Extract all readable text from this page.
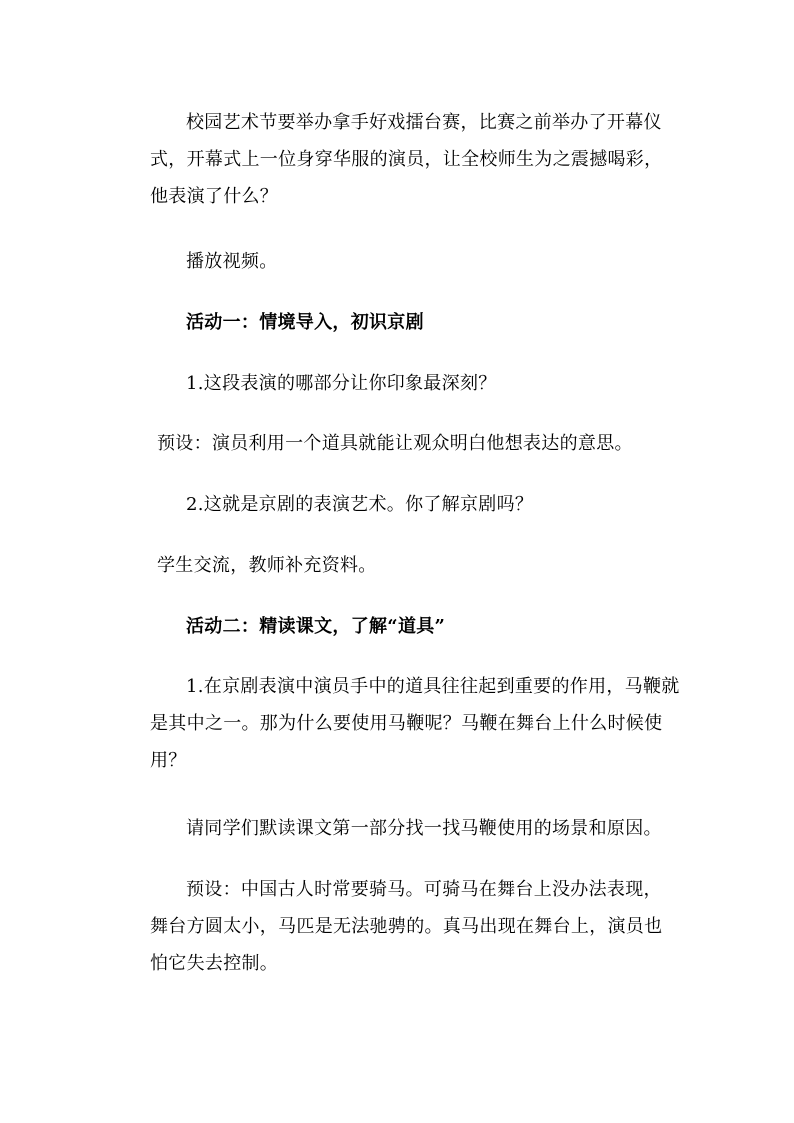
校园艺术节要举办拿手好戏擂台赛，比赛之前举办了开幕仪式，开幕式上一位身穿华服的演员，让全校师生为之震撼喝彩，他表演了什么？

播放视频。

活动一：情境导入，初识京剧

1.这段表演的哪部分让你印象最深刻？

预设：演员利用一个道具就能让观众明白他想表达的意思。

2.这就是京剧的表演艺术。你了解京剧吗？

学生交流，教师补充资料。

活动二：精读课文，了解“道具”

1.在京剧表演中演员手中的道具往往起到重要的作用，马鞭就是其中之一。那为什么要使用马鞭呢？马鞭在舞台上什么时候使用？

请同学们默读课文第一部分找一找马鞭使用的场景和原因。

预设：中国古人时常要骑马。可骑马在舞台上没办法表现，舞台方圆太小，马匹是无法驰骋的。真马出现在舞台上，演员也怕它失去控制。
